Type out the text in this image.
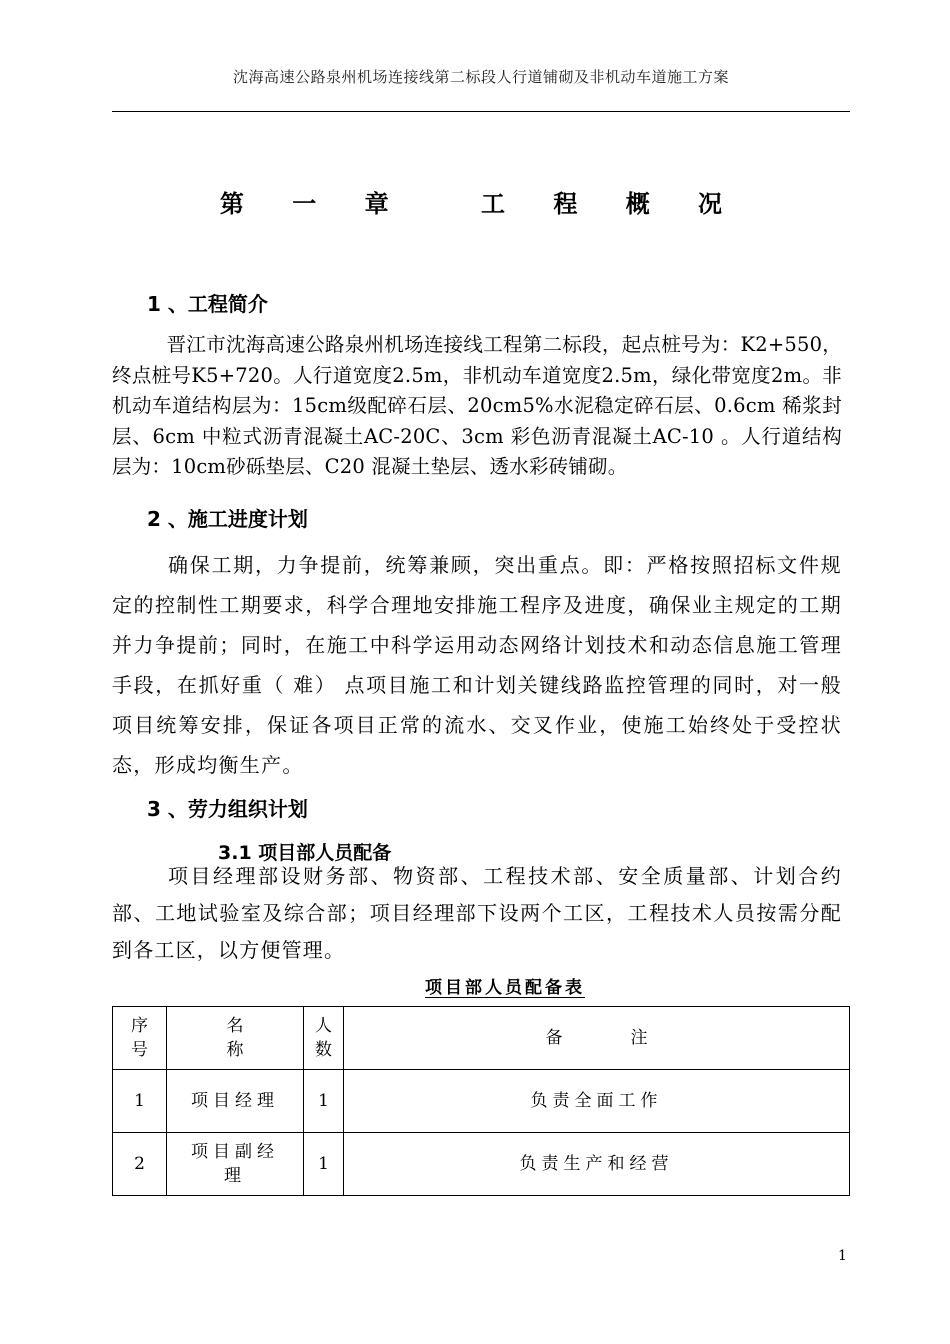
沈海高速公路泉州机场连接线第二标段人行道铺砌及非机动车道施工方案
第 一 章　 工 程 概 况
1 、工程简介

晋江市沈海高速公路泉州机场连接线工程第二标段，起点桩号为：K2+550，终点桩号K5+720。人行道宽度2.5m，非机动车道宽度2.5m，绿化带宽度2m。非机动车道结构层为：15cm级配碎石层、20cm5%水泥稳定碎石层、0.6cm 稀浆封层、6cm 中粒式沥青混凝土AC-20C、3cm 彩色沥青混凝土AC-10 。人行道结构层为：10cm砂砾垫层、C20 混凝土垫层、透水彩砖铺砌。

2 、施工进度计划

确保工期，力争提前，统筹兼顾，突出重点。即：严格按照招标文件规定的控制性工期要求，科学合理地安排施工程序及进度，确保业主规定的工期并力争提前；同时，在施工中科学运用动态网络计划技术和动态信息施工管理手段，在抓好重（ 难） 点项目施工和计划关键线路监控管理的同时，对一般项目统筹安排，保证各项目正常的流水、交叉作业，使施工始终处于受控状态，形成均衡生产。

3 、劳力组织计划
3.1 项目部人员配备

项目经理部设财务部、物资部、工程技术部、安全质量部、计划合约部、工地试验室及综合部；项目经理部下设两个工区，工程技术人员按需分配到各工区，以方便管理。

项目部人员配备表
序号	名称	人数	备　　　　注
1	项目经理	1	负责全面工作
2	项目副经理	1	负责生产和经营
1
